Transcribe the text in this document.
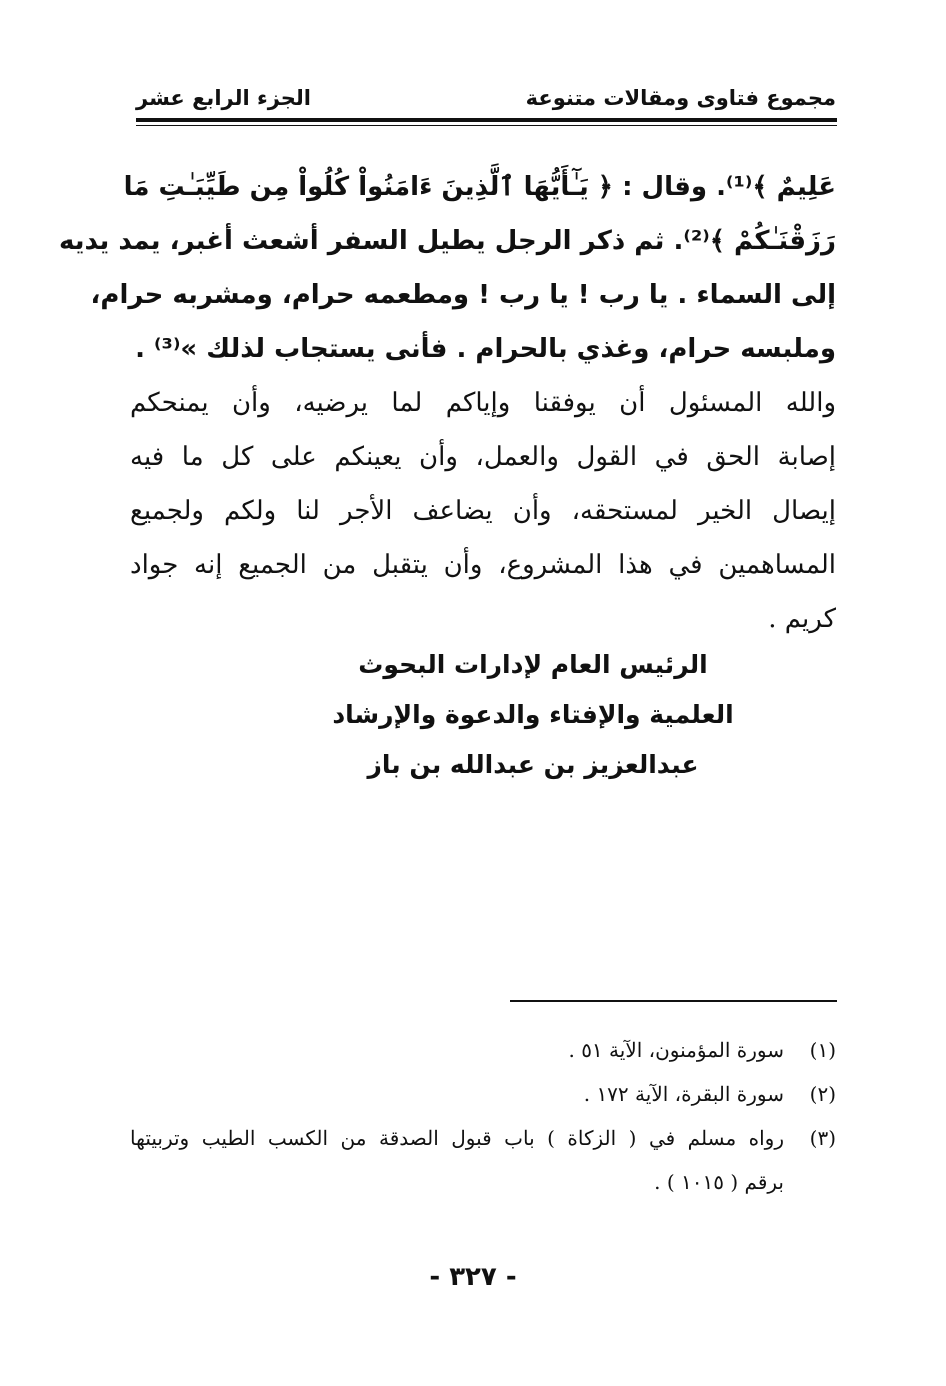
مجموع فتاوى ومقالات متنوعة
الجزء الرابع عشر
عَلِيمٌ ﴾⁽¹⁾. وقال : ﴿ يَـٰٓأَيُّهَا ٱلَّذِينَ ءَامَنُواْ كُلُواْ مِن طَيِّبَـٰتِ مَا
رَزَقْنَـٰكُمْ ﴾⁽²⁾. ثم ذكر الرجل يطيل السفر أشعث أغبر، يمد يديه
إلى السماء . يا رب ! يا رب ! ومطعمه حرام، ومشربه حرام،
وملبسه حرام، وغذي بالحرام . فأنى يستجاب لذلك »⁽³⁾ .
والله المسئول أن يوفقنا وإياكم لما يرضيه، وأن يمنحكم
إصابة الحق في القول والعمل، وأن يعينكم على كل ما فيه
إيصال الخير لمستحقه، وأن يضاعف الأجر لنا ولكم ولجميع
المساهمين في هذا المشروع، وأن يتقبل من الجميع إنه جواد
كريم .
الرئيس العام لإدارات البحوث
العلمية والإفتاء والدعوة والإرشاد
عبدالعزيز بن عبدالله بن باز
(١)
سورة المؤمنون، الآية ٥١ .
(٢)
سورة البقرة، الآية ١٧٢ .
(٣)
رواه مسلم في ( الزكاة ) باب قبول الصدقة من الكسب الطيب وتربيتها
برقم ( ١٠١٥ ) .
- ٣٢٧ -
